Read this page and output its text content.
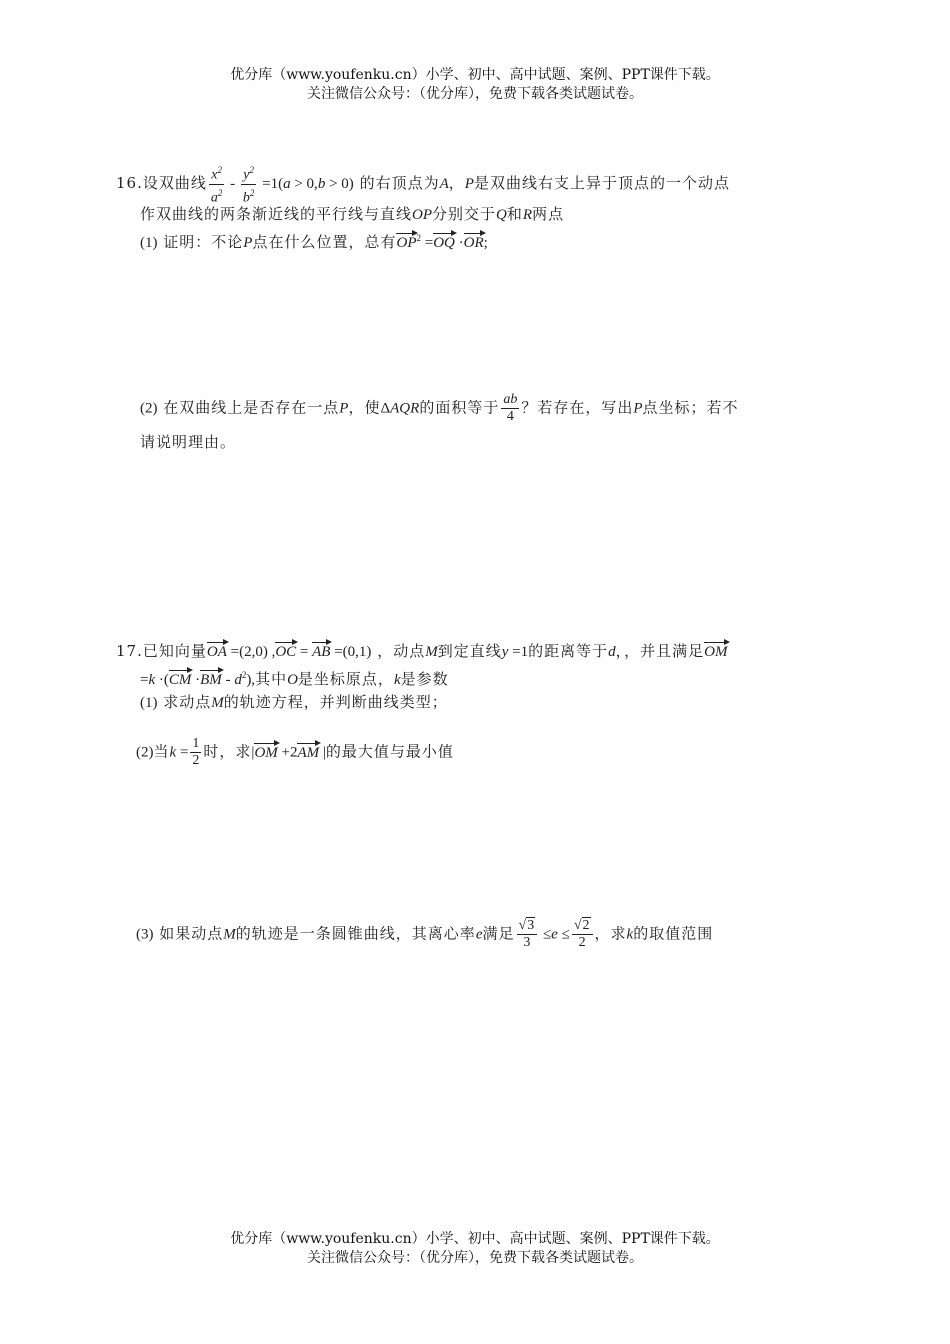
优分库（www.youfenku.cn）小学、初中、高中试题、案例、PPT课件下载。
关注微信公众号：（优分库），免费下载各类试题试卷。
16.设双曲线 $\frac{x^2}{a^2} - \frac{y^2}{b^2} =1(a > 0,b > 0)$ 的右顶点为A，P是双曲线右支上异于顶点的一个动点
作双曲线的两条渐近线的平行线与直线OP分别交于Q和R两点
(1) 证明：不论P点在什么位置，总有$OP^2 =OQ \cdot OR$;
(2) 在双曲线上是否存在一点P，使ΔAQR的面积等于 $\frac{ab}{4}$ ？若存在，写出P点坐标；若不
请说明理由。
17.已知向量OA =(2,0) ,OC = AB =(0,1) ，动点M到定直线y =1的距离等于d，，并且满足OM
$=k \cdot(CM \cdot BM - d^2)$,其中O是坐标原点，k是参数
(1) 求动点M的轨迹方程，并判断曲线类型；
(2)当$k = \frac{1}{2}$ 时，求|OM +2AM |的最大值与最小值
(3) 如果动点M的轨迹是一条圆锥曲线，其离心率e满足 $\frac{√3}{3} \le e \le \frac{√2}{2}$ ，求k的取值范围
优分库（www.youfenku.cn）小学、初中、高中试题、案例、PPT课件下载。
关注微信公众号：（优分库），免费下载各类试题试卷。
